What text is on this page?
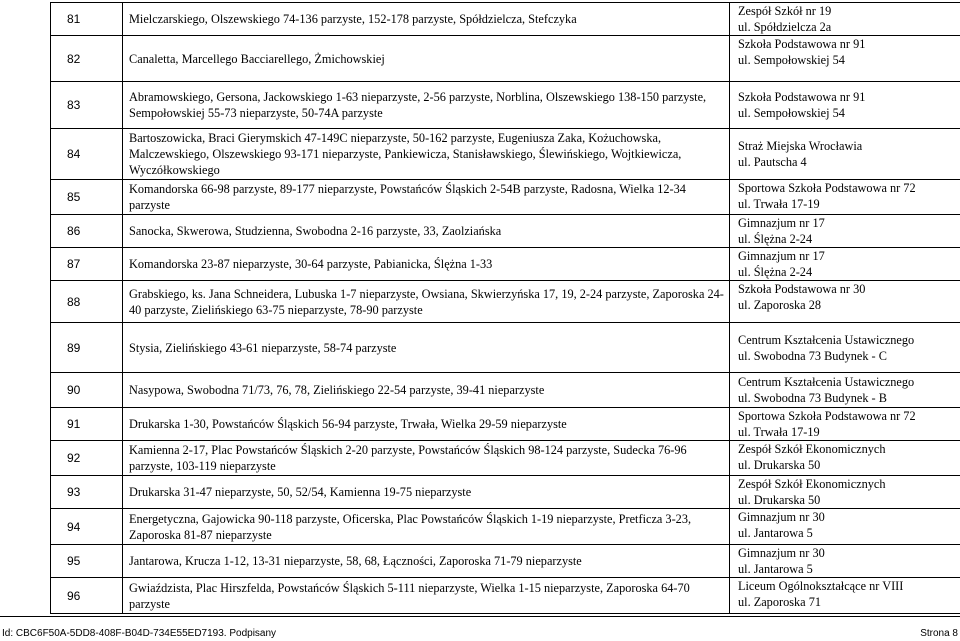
81	Mielczarskiego, Olszewskiego 74-136 parzyste, 152-178 parzyste, Spółdzielcza, Stefczyka	Zespół Szkół nr 19
ul. Spółdzielcza 2a
82	Canaletta, Marcellego Bacciarellego, Żmichowskiej	Szkoła Podstawowa nr 91
ul. Sempołowskiej 54
83	Abramowskiego, Gersona, Jackowskiego 1-63 nieparzyste, 2-56 parzyste, Norblina, Olszewskiego 138-150 parzyste, Sempołowskiej 55-73 nieparzyste, 50-74A parzyste	Szkoła Podstawowa nr 91
ul. Sempołowskiej 54
84	Bartoszowicka, Braci Gierymskich 47-149C nieparzyste, 50-162 parzyste, Eugeniusza Zaka, Kożuchowska, Malczewskiego, Olszewskiego 93-171 nieparzyste, Pankiewicza, Stanisławskiego, Ślewińskiego, Wojtkiewicza, Wyczółkowskiego	Straż Miejska Wrocławia
ul. Pautscha 4
85	Komandorska 66-98 parzyste, 89-177 nieparzyste, Powstańców Śląskich 2-54B parzyste, Radosna, Wielka 12-34 parzyste	Sportowa Szkoła Podstawowa nr 72
ul. Trwała 17-19
86	Sanocka, Skwerowa, Studzienna, Swobodna 2-16 parzyste, 33, Zaolziańska	Gimnazjum nr 17
ul. Ślężna 2-24
87	Komandorska 23-87 nieparzyste, 30-64 parzyste, Pabianicka, Ślężna 1-33	Gimnazjum nr 17
ul. Ślężna 2-24
88	Grabskiego, ks. Jana Schneidera, Lubuska 1-7 nieparzyste, Owsiana, Skwierzyńska 17, 19, 2-24 parzyste, Zaporoska 24-40 parzyste, Zielińskiego 63-75 nieparzyste, 78-90 parzyste	Szkoła Podstawowa nr 30
ul. Zaporoska 28
89	Stysia, Zielińskiego 43-61 nieparzyste, 58-74 parzyste	Centrum Kształcenia Ustawicznego
ul. Swobodna 73 Budynek - C
90	Nasypowa, Swobodna 71/73, 76, 78, Zielińskiego 22-54 parzyste, 39-41 nieparzyste	Centrum Kształcenia Ustawicznego
ul. Swobodna 73 Budynek - B
91	Drukarska 1-30, Powstańców Śląskich 56-94 parzyste, Trwała, Wielka 29-59 nieparzyste	Sportowa Szkoła Podstawowa nr 72
ul. Trwała 17-19
92	Kamienna 2-17, Plac Powstańców Śląskich 2-20 parzyste, Powstańców Śląskich 98-124 parzyste, Sudecka 76-96 parzyste, 103-119 nieparzyste	Zespół Szkół Ekonomicznych
ul. Drukarska 50
93	Drukarska 31-47 nieparzyste, 50, 52/54, Kamienna 19-75 nieparzyste	Zespół Szkół Ekonomicznych
ul. Drukarska 50
94	Energetyczna, Gajowicka 90-118 parzyste, Oficerska, Plac Powstańców Śląskich 1-19 nieparzyste, Pretficza 3-23, Zaporoska 81-87 nieparzyste	Gimnazjum nr 30
ul. Jantarowa 5
95	Jantarowa, Krucza 1-12, 13-31 nieparzyste, 58, 68, Łączności, Zaporoska 71-79 nieparzyste	Gimnazjum nr 30
ul. Jantarowa 5
96	Gwiaździsta, Plac Hirszfelda, Powstańców Śląskich 5-111 nieparzyste, Wielka 1-15 nieparzyste, Zaporoska 64-70 parzyste	Liceum Ogólnokształcące nr VIII
ul. Zaporoska 71
Id: CBC6F50A-5DD8-408F-B04D-734E55ED7193. Podpisany	Strona 8
